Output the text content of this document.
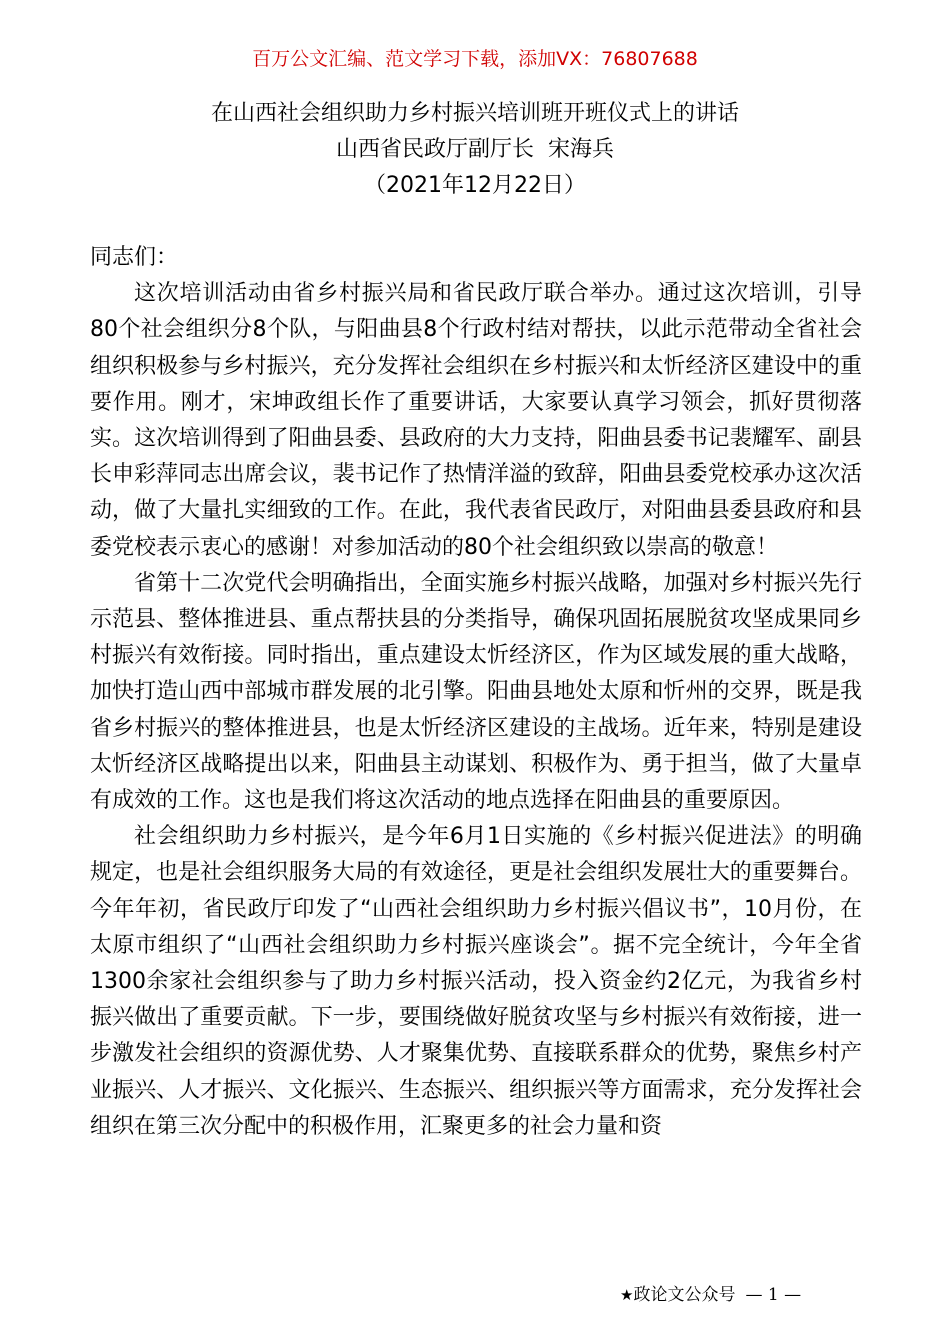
百万公文汇编、范文学习下载，添加VX：76807688
在山西社会组织助力乡村振兴培训班开班仪式上的讲话
山西省民政厅副厅长  宋海兵
（2021年12月22日）

同志们：

这次培训活动由省乡村振兴局和省民政厅联合举办。通过这次培训，引导80个社会组织分8个队，与阳曲县8个行政村结对帮扶，以此示范带动全省社会组织积极参与乡村振兴，充分发挥社会组织在乡村振兴和太忻经济区建设中的重要作用。刚才，宋坤政组长作了重要讲话，大家要认真学习领会，抓好贯彻落实。这次培训得到了阳曲县委、县政府的大力支持，阳曲县委书记裴耀军、副县长申彩萍同志出席会议，裴书记作了热情洋溢的致辞，阳曲县委党校承办这次活动，做了大量扎实细致的工作。在此，我代表省民政厅，对阳曲县委县政府和县委党校表示衷心的感谢！对参加活动的80个社会组织致以崇高的敬意！

省第十二次党代会明确指出，全面实施乡村振兴战略，加强对乡村振兴先行示范县、整体推进县、重点帮扶县的分类指导，确保巩固拓展脱贫攻坚成果同乡村振兴有效衔接。同时指出，重点建设太忻经济区，作为区域发展的重大战略，加快打造山西中部城市群发展的北引擎。阳曲县地处太原和忻州的交界，既是我省乡村振兴的整体推进县，也是太忻经济区建设的主战场。近年来，特别是建设太忻经济区战略提出以来，阳曲县主动谋划、积极作为、勇于担当，做了大量卓有成效的工作。这也是我们将这次活动的地点选择在阳曲县的重要原因。

社会组织助力乡村振兴，是今年6月1日实施的《乡村振兴促进法》的明确规定，也是社会组织服务大局的有效途径，更是社会组织发展壮大的重要舞台。今年年初，省民政厅印发了“山西社会组织助力乡村振兴倡议书”，10月份，在太原市组织了“山西社会组织助力乡村振兴座谈会”。据不完全统计，今年全省1300余家社会组织参与了助力乡村振兴活动，投入资金约2亿元，为我省乡村振兴做出了重要贡献。下一步，要围绕做好脱贫攻坚与乡村振兴有效衔接，进一步激发社会组织的资源优势、人才聚集优势、直接联系群众的优势，聚焦乡村产业振兴、人才振兴、文化振兴、生态振兴、组织振兴等方面需求，充分发挥社会组织在第三次分配中的积极作用，汇聚更多的社会力量和资

★政论文公众号 — 1 —
